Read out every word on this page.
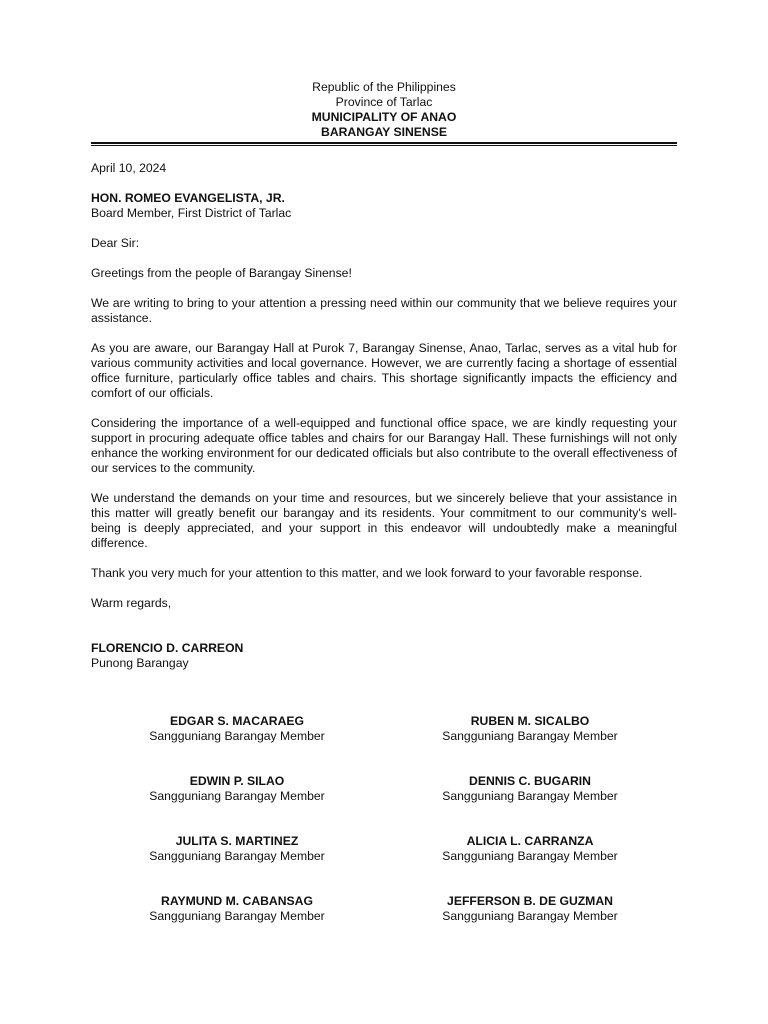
Republic of the Philippines
Province of Tarlac
MUNICIPALITY OF ANAO
BARANGAY SINENSE
April 10, 2024
HON. ROMEO EVANGELISTA, JR.
Board Member, First District of Tarlac
Dear Sir:

Greetings from the people of Barangay Sinense!

We are writing to bring to your attention a pressing need within our community that we believe requires your assistance.

As you are aware, our Barangay Hall at Purok 7, Barangay Sinense, Anao, Tarlac, serves as a vital hub for various community activities and local governance. However, we are currently facing a shortage of essential office furniture, particularly office tables and chairs. This shortage significantly impacts the efficiency and comfort of our officials.

Considering the importance of a well-equipped and functional office space, we are kindly requesting your support in procuring adequate office tables and chairs for our Barangay Hall. These furnishings will not only enhance the working environment for our dedicated officials but also contribute to the overall effectiveness of our services to the community.

We understand the demands on your time and resources, but we sincerely believe that your assistance in this matter will greatly benefit our barangay and its residents. Your commitment to our community's well-being is deeply appreciated, and your support in this endeavor will undoubtedly make a meaningful difference.

Thank you very much for your attention to this matter, and we look forward to your favorable response.

Warm regards,
FLORENCIO D. CARREON
Punong Barangay
EDGAR S. MACARAEG
Sangguniang Barangay Member
RUBEN M. SICALBO
Sangguniang Barangay Member
EDWIN P. SILAO
Sangguniang Barangay Member
DENNIS C. BUGARIN
Sangguniang Barangay Member
JULITA S. MARTINEZ
Sangguniang Barangay Member
ALICIA L. CARRANZA
Sangguniang Barangay Member
RAYMUND M. CABANSAG
Sangguniang Barangay Member
JEFFERSON B. DE GUZMAN
Sangguniang Barangay Member
